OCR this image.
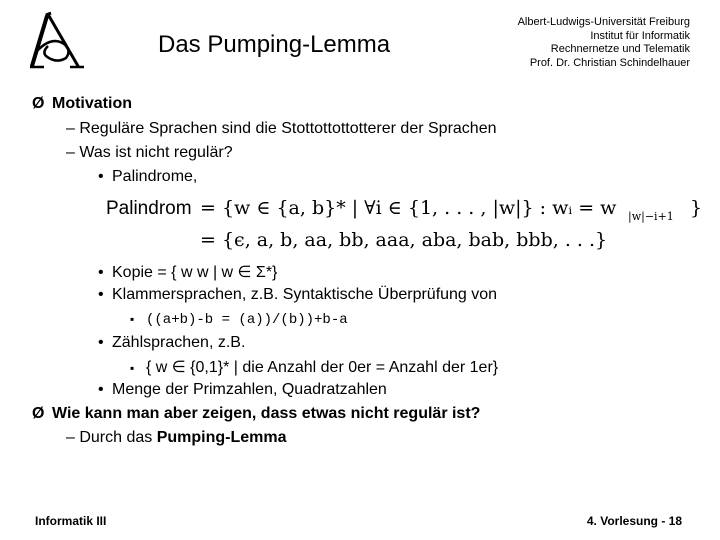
Das Pumping-Lemma
Albert-Ludwigs-Universität Freiburg
Institut für Informatik
Rechnernetze und Telematik
Prof. Dr. Christian Schindelhauer
Ø Motivation
– Reguläre Sprachen sind die Stottottottotterer der Sprachen
– Was ist nicht regulär?
• Palindrome,
Palindrom = {w ∈ {a, b}* | ∀i ∈ {1, . . . , |w|} : wᵢ = w |w|−i+1 }
= {ϵ, a, b, aa, bb, aaa, aba, bab, bbb, . . .}
• Kopie = { w w | w ∈ Σ*}
• Klammersprachen, z.B. Syntaktische Überprüfung von
▪ ((a+b)-b = (a))/(b))+b-a
• Zählsprachen, z.B.
▪ { w ∈ {0,1}* | die Anzahl der 0er = Anzahl der 1er}
• Menge der Primzahlen, Quadratzahlen
Ø Wie kann man aber zeigen, dass etwas nicht regulär ist?
– Durch das Pumping-Lemma
Informatik III	4. Vorlesung - 18
